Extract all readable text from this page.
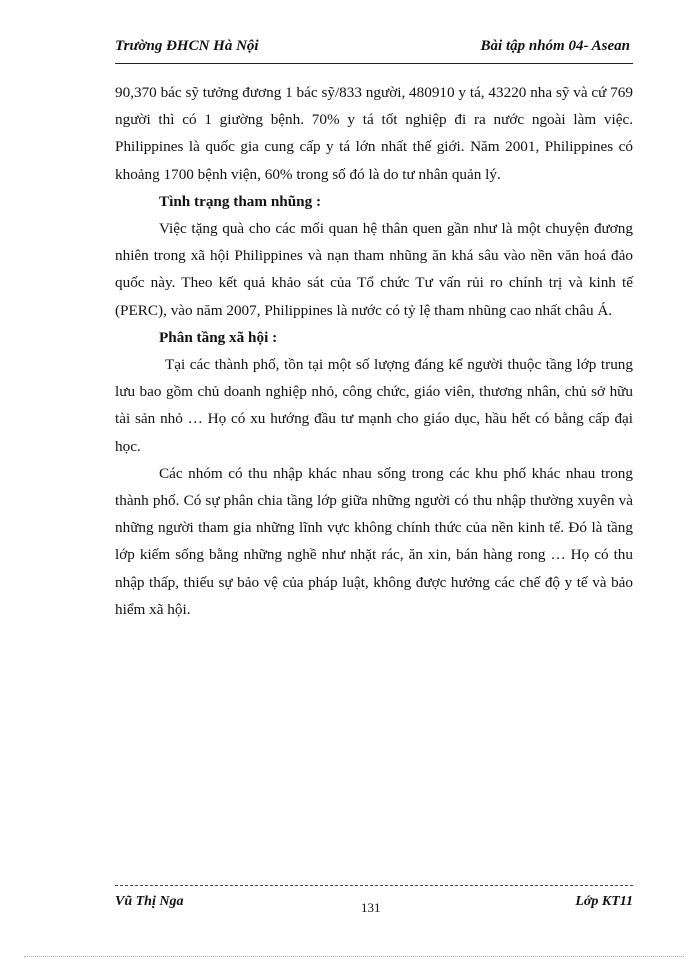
Trường ĐHCN Hà Nội	Bài tập nhóm 04- Asean

90,370 bác sỹ tưởng đương 1 bác sỹ/833 người, 480910 y tá, 43220 nha sỹ và cứ 769 người thì có 1 giường bệnh. 70% y tá tốt nghiệp đi ra nước ngoài làm việc. Philippines là quốc gia cung cấp y tá lớn nhất thế giới. Năm 2001, Philippines có khoảng 1700 bệnh viện, 60% trong số đó là do tư nhân quản lý.

Tình trạng tham nhũng :

Việc tặng quà cho các mối quan hệ thân quen gần như là một chuyện đương nhiên trong xã hội Philippines và nạn tham nhũng ăn khá sâu vào nền văn hoá đảo quốc này. Theo kết quả khảo sát của Tổ chức Tư vấn rủi ro chính trị và kinh tế (PERC), vào năm 2007, Philippines là nước có tỷ lệ tham nhũng cao nhất châu Á.

Phân tầng xã hội :

Tại các thành phố, tồn tại một số lượng đáng kể người thuộc tầng lớp trung lưu bao gồm chủ doanh nghiệp nhỏ, công chức, giáo viên, thương nhân, chủ sở hữu tài sản nhỏ … Họ có xu hướng đầu tư mạnh cho giáo dục, hầu hết có bằng cấp đại học.

Các nhóm có thu nhập khác nhau sống trong các khu phố khác nhau trong thành phố. Có sự phân chia tầng lớp giữa những người có thu nhập thường xuyên và những người tham gia những lĩnh vực không chính thức của nền kinh tế. Đó là tầng lớp kiếm sống bằng những nghề như nhặt rác, ăn xin, bán hàng rong … Họ có thu nhập thấp, thiếu sự bảo vệ của pháp luật, không được hưởng các chế độ y tế và bảo hiểm xã hội.

Vũ Thị Nga	131	Lớp KT11
